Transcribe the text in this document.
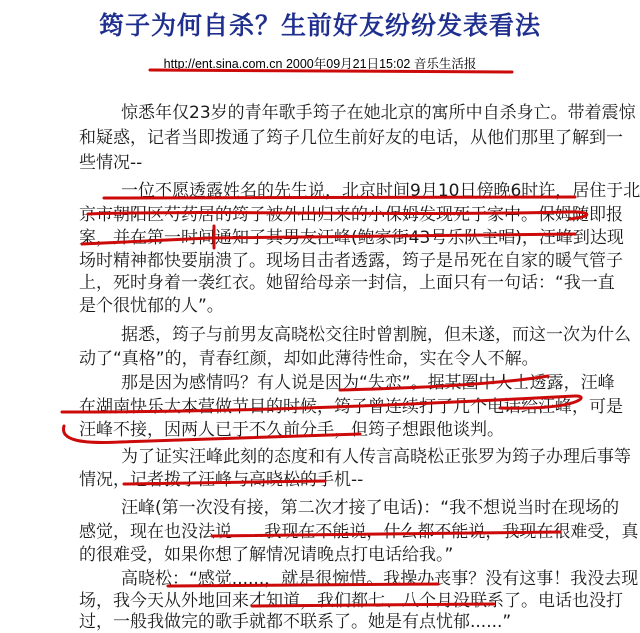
筠子为何自杀？生前好友纷纷发表看法
http://ent.sina.com.cn 2000年09月21日15:02 音乐生活报
惊悉年仅23岁的青年歌手筠子在她北京的寓所中自杀身亡。带着震惊
和疑惑，记者当即拨通了筠子几位生前好友的电话，从他们那里了解到一
些情况--
一位不愿透露姓名的先生说，北京时间9月10日傍晚6时许，居住于北
京市朝阳区芍药居的筠子被外出归来的小保姆发现死于家中。保姆随即报
案，并在第一时间通知了其男友汪峰(鲍家街43号乐队主唱)，汪峰到达现
场时精神都快要崩溃了。现场目击者透露，筠子是吊死在自家的暖气管子
上，死时身着一袭红衣。她留给母亲一封信，上面只有一句话：“我一直
是个很忧郁的人”。
据悉，筠子与前男友高晓松交往时曾割腕，但未遂，而这一次为什么
动了“真格”的，青春红颜，却如此薄待性命，实在令人不解。
那是因为感情吗？有人说是因为“失恋”。据某圈中人士透露，汪峰
在湖南快乐大本营做节目的时候，筠子曾连续打了几个电话给汪峰，可是
汪峰不接，因两人已于不久前分手，但筠子想跟他谈判。
为了证实汪峰此刻的态度和有人传言高晓松正张罗为筠子办理后事等
情况，记者拨了汪峰与高晓松的手机--
汪峰(第一次没有接，第二次才接了电话)：“我不想说当时在现场的
感觉，现在也没法说......我现在不能说，什么都不能说，我现在很难受，真
的很难受，如果你想了解情况请晚点打电话给我。”
高晓松：“感觉......，就是很惋惜。我操办丧事？没有这事！我没去现
场，我今天从外地回来才知道，我们都七、八个月没联系了。电话也没打
过，一般我做完的歌手就都不联系了。她是有点忧郁......”
